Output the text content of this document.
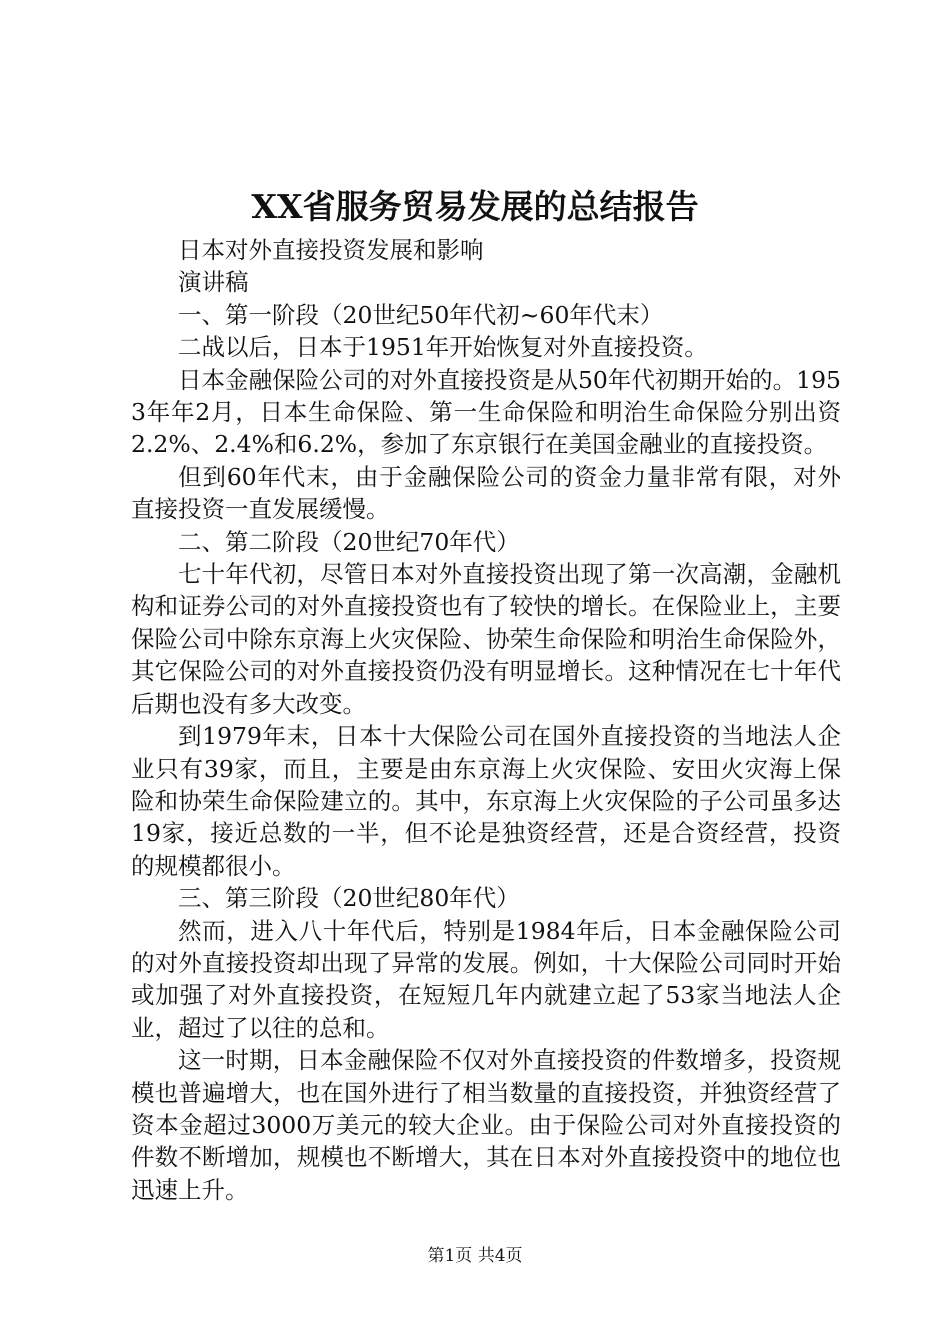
XX省服务贸易发展的总结报告

日本对外直接投资发展和影响

演讲稿

一、第一阶段（20世纪50年代初~60年代末）

二战以后，日本于1951年开始恢复对外直接投资。

日本金融保险公司的对外直接投资是从50年代初期开始的。1953年年2月，日本生命保险、第一生命保险和明治生命保险分别出资2.2%、2.4%和6.2%，参加了东京银行在美国金融业的直接投资。

但到60年代末，由于金融保险公司的资金力量非常有限，对外直接投资一直发展缓慢。

二、第二阶段（20世纪70年代）

七十年代初，尽管日本对外直接投资出现了第一次高潮，金融机构和证券公司的对外直接投资也有了较快的增长。在保险业上，主要保险公司中除东京海上火灾保险、协荣生命保险和明治生命保险外，其它保险公司的对外直接投资仍没有明显增长。这种情况在七十年代后期也没有多大改变。

到1979年末，日本十大保险公司在国外直接投资的当地法人企业只有39家，而且，主要是由东京海上火灾保险、安田火灾海上保险和协荣生命保险建立的。其中，东京海上火灾保险的子公司虽多达19家，接近总数的一半，但不论是独资经营，还是合资经营，投资的规模都很小。

三、第三阶段（20世纪80年代）

然而，进入八十年代后，特别是1984年后，日本金融保险公司的对外直接投资却出现了异常的发展。例如，十大保险公司同时开始或加强了对外直接投资，在短短几年内就建立起了53家当地法人企业，超过了以往的总和。

这一时期，日本金融保险不仅对外直接投资的件数增多，投资规模也普遍增大，也在国外进行了相当数量的直接投资，并独资经营了资本金超过3000万美元的较大企业。由于保险公司对外直接投资的件数不断增加，规模也不断增大，其在日本对外直接投资中的地位也迅速上升。

第1页 共4页
